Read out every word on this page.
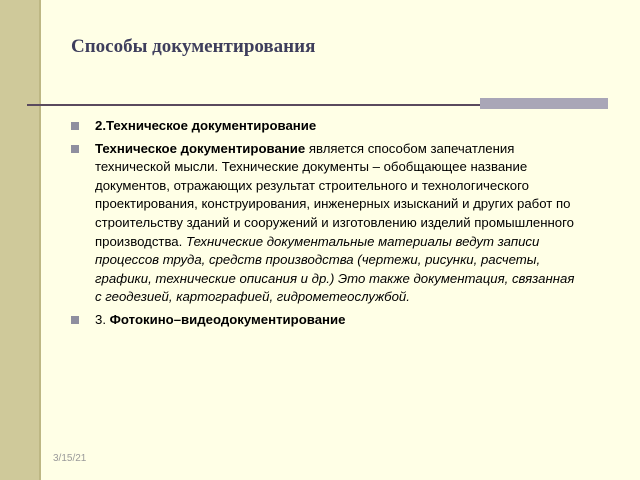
Способы документирования
2.Техническое документирование
Техническое документирование является способом запечатления технической мысли. Технические документы – обобщающее название документов, отражающих результат строительного и технологического проектирования, конструирования, инженерных изысканий и других работ по строительству зданий и сооружений и изготовлению изделий промышленного производства. Технические документальные материалы ведут записи процессов труда, средств производства (чертежи, рисунки, расчеты, графики, технические описания и др.) Это также документация, связанная с геодезией, картографией, гидрометеослужбой.
3. Фотокино–видеодокументирование
3/15/21
